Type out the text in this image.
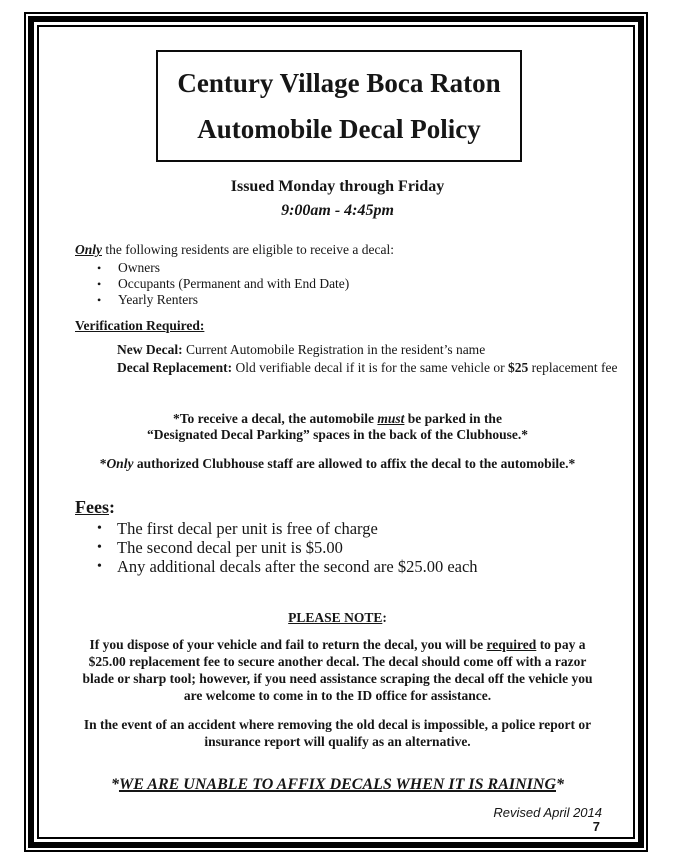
Century Village Boca Raton
Automobile Decal Policy
Issued Monday through Friday
9:00am - 4:45pm
Only the following residents are eligible to receive a decal:
•	Owners
•	Occupants (Permanent and with End Date)
•	Yearly Renters
Verification Required:
New Decal: Current Automobile Registration in the resident’s name
Decal Replacement: Old verifiable decal if it is for the same vehicle or $25 replacement fee
*To receive a decal, the automobile must be parked in the
“Designated Decal Parking” spaces in the back of the Clubhouse.*
*Only authorized Clubhouse staff are allowed to affix the decal to the automobile.*
Fees:
• The first decal per unit is free of charge
• The second decal per unit is $5.00
• Any additional decals after the second are $25.00 each
PLEASE NOTE:
If you dispose of your vehicle and fail to return the decal, you will be required to pay a
$25.00 replacement fee to secure another decal. The decal should come off with a razor
blade or sharp tool; however, if you need assistance scraping the decal off the vehicle you
are welcome to come in to the ID office for assistance.
In the event of an accident where removing the old decal is impossible, a police report or
insurance report will qualify as an alternative.
*WE ARE UNABLE TO AFFIX DECALS WHEN IT IS RAINING*
Revised April 2014
7
